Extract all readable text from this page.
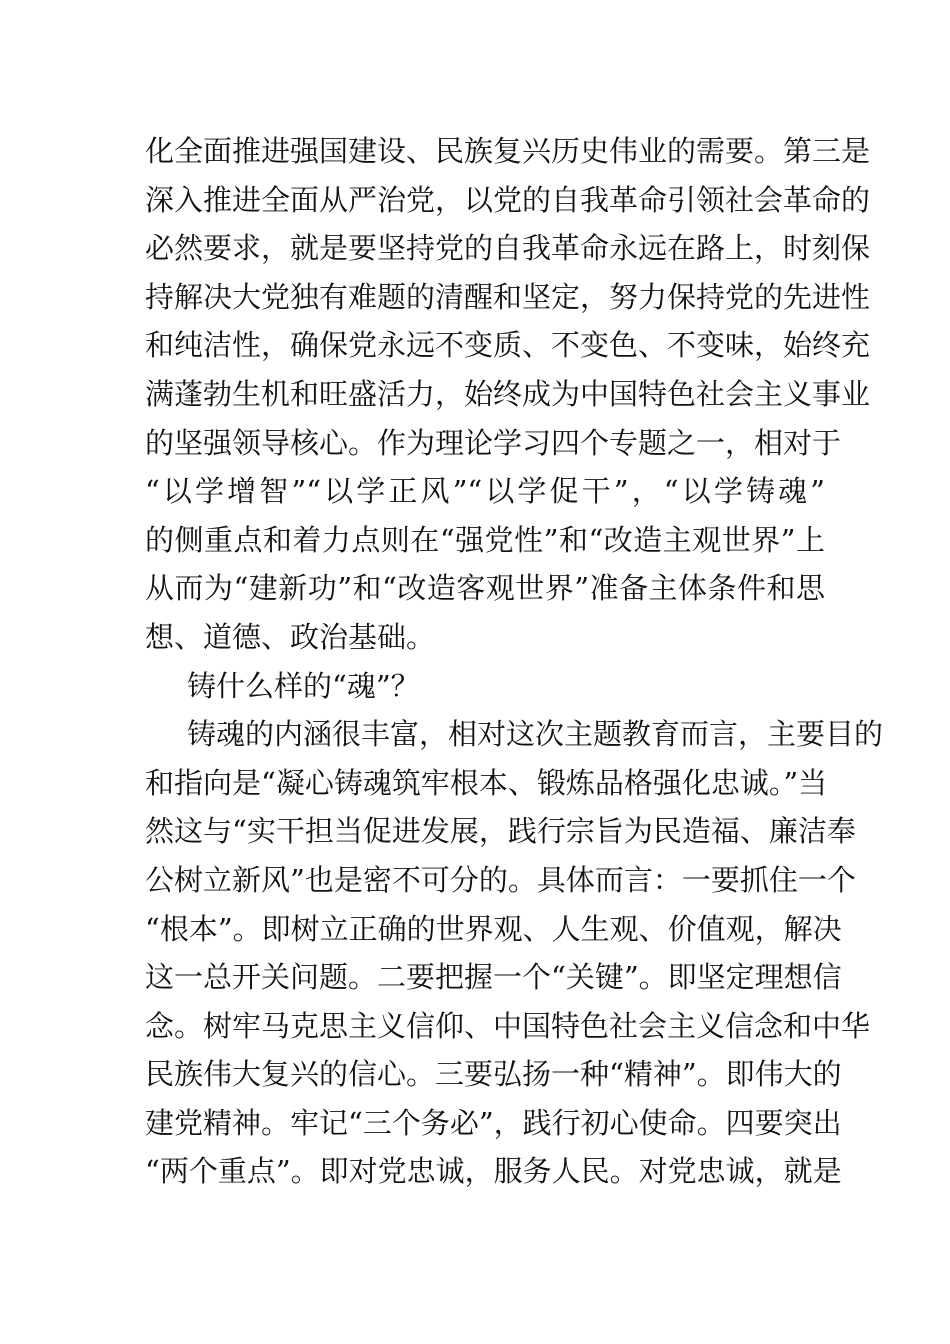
化全面推进强国建设、民族复兴历史伟业的需要。第三是
深入推进全面从严治党，以党的自我革命引领社会革命的
必然要求，就是要坚持党的自我革命永远在路上，时刻保
持解决大党独有难题的清醒和坚定，努力保持党的先进性
和纯洁性，确保党永远不变质、不变色、不变味，始终充
满蓬勃生机和旺盛活力，始终成为中国特色社会主义事业
的坚强领导核心。作为理论学习四个专题之一，相对于
“以学增智”“以学正风”“以学促干”，“以学铸魂”
的侧重点和着力点则在“强党性”和“改造主观世界”上
从而为“建新功”和“改造客观世界”准备主体条件和思
想、道德、政治基础。
铸什么样的“魂”？
铸魂的内涵很丰富，相对这次主题教育而言，主要目的
和指向是“凝心铸魂筑牢根本、锻炼品格强化忠诚。”当
然这与“实干担当促进发展，践行宗旨为民造福、廉洁奉
公树立新风”也是密不可分的。具体而言：一要抓住一个
“根本”。即树立正确的世界观、人生观、价值观，解决
这一总开关问题。二要把握一个“关键”。即坚定理想信
念。树牢马克思主义信仰、中国特色社会主义信念和中华
民族伟大复兴的信心。三要弘扬一种“精神”。即伟大的
建党精神。牢记“三个务必”，践行初心使命。四要突出
“两个重点”。即对党忠诚，服务人民。对党忠诚，就是
